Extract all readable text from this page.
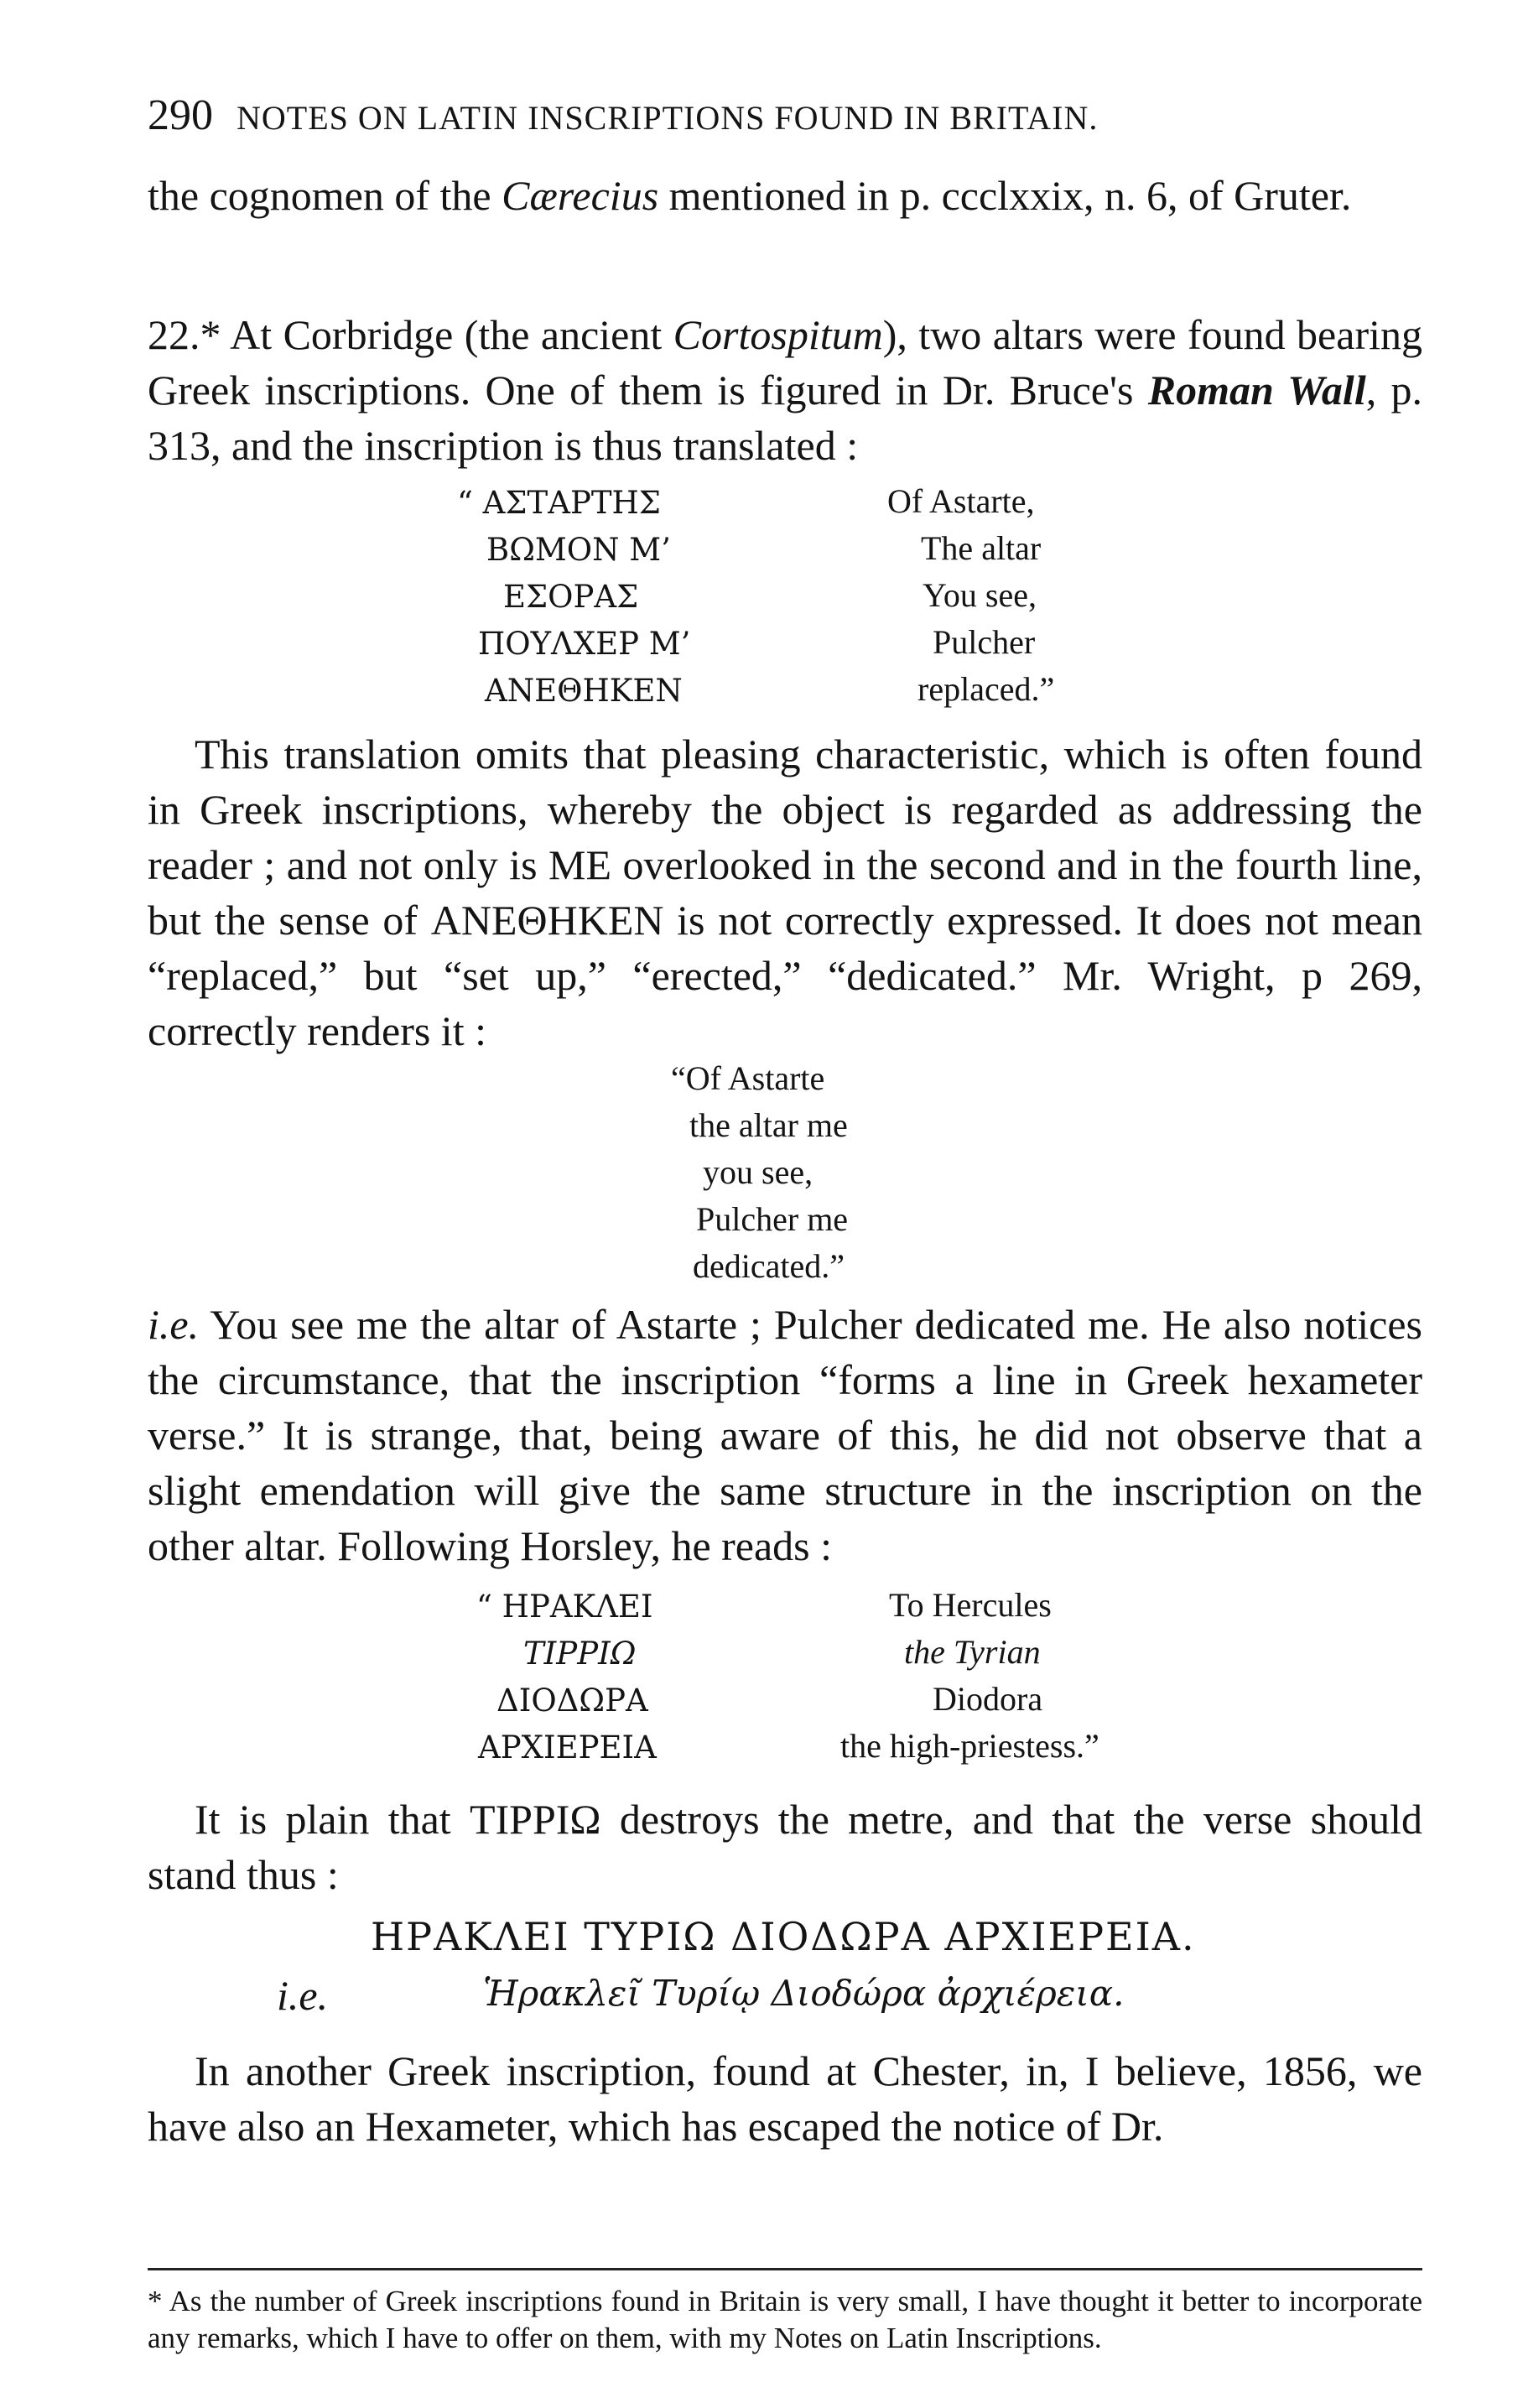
290 NOTES ON LATIN INSCRIPTIONS FOUND IN BRITAIN.

the cognomen of the Cærecius mentioned in p. ccclxxix, n. 6, of Gruter.

22.* At Corbridge (the ancient Cortospitum), two altars were found bearing Greek inscriptions. One of them is figured in Dr. Bruce's Roman Wall, p. 313, and the inscription is thus translated :

“ ΑΣΤΑΡΤΗΣ
ΒΩΜΟΝ Μ’
ΕΣΟΡΑΣ
ΠΟΥΛΧΕΡ Μ’
ΑΝΕΘΗΚΕΝ
Of Astarte,
The altar
You see,
Pulcher
replaced.”

This translation omits that pleasing characteristic, which is often found in Greek inscriptions, whereby the object is regarded as addressing the reader ; and not only is ΜΕ overlooked in the second and in the fourth line, but the sense of ΑΝΕΘΗΚΕΝ is not correctly expressed. It does not mean “replaced,” but “set up,” “erected,” “dedicated.” Mr. Wright, p 269, correctly renders it :

“Of Astarte
the altar me
you see,
Pulcher me
dedicated.”

i.e. You see me the altar of Astarte ; Pulcher dedicated me. He also notices the circumstance, that the inscription “forms a line in Greek hexameter verse.” It is strange, that, being aware of this, he did not observe that a slight emendation will give the same structure in the inscription on the other altar. Following Horsley, he reads :

“ ΗΡΑΚΛΕΙ
ΤΙΡΡΙΩ
ΔΙΟΔΩΡΑ
ΑΡΧΙΕΡΕΙΑ
To Hercules
the Tyrian
Diodora
the high-priestess.”

It is plain that ΤΙΡΡΙΩ destroys the metre, and that the verse should stand thus :

ΗΡΑΚΛΕΙ ΤΥΡΙΩ ΔΙΟΔΩΡΑ ΑΡΧΙΕΡΕΙΑ.
i.e.	Ἡρακλεῖ Τυρίῳ Διοδώρα ἀρχιέρεια.

In another Greek inscription, found at Chester, in, I believe, 1856, we have also an Hexameter, which has escaped the notice of Dr.

* As the number of Greek inscriptions found in Britain is very small, I have thought it better to incorporate any remarks, which I have to offer on them, with my Notes on Latin Inscriptions.
